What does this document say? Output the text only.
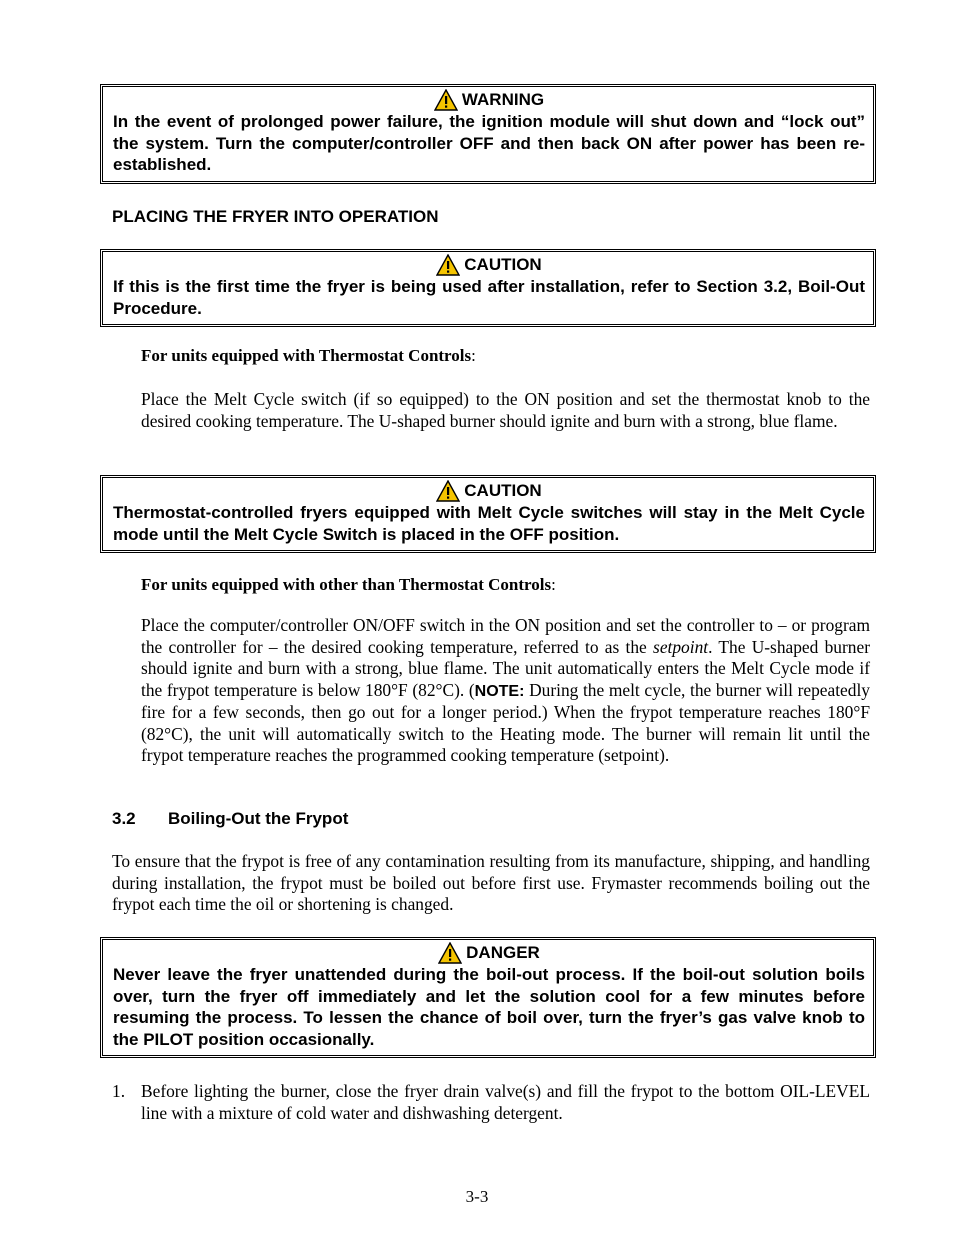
WARNING
In the event of prolonged power failure, the ignition module will shut down and “lock out” the system. Turn the computer/controller OFF and then back ON after power has been re-established.
PLACING THE FRYER INTO OPERATION
CAUTION
If this is the first time the fryer is being used after installation, refer to Section 3.2, Boil-Out Procedure.
For units equipped with Thermostat Controls:
Place the Melt Cycle switch (if so equipped) to the ON position and set the thermostat knob to the desired cooking temperature. The U-shaped burner should ignite and burn with a strong, blue flame.
CAUTION
Thermostat-controlled fryers equipped with Melt Cycle switches will stay in the Melt Cycle mode until the Melt Cycle Switch is placed in the OFF position.
For units equipped with other than Thermostat Controls:
Place the computer/controller ON/OFF switch in the ON position and set the controller to – or program the controller for – the desired cooking temperature, referred to as the setpoint. The U-shaped burner should ignite and burn with a strong, blue flame. The unit automatically enters the Melt Cycle mode if the frypot temperature is below 180°F (82°C). (NOTE: During the melt cycle, the burner will repeatedly fire for a few seconds, then go out for a longer period.) When the frypot temperature reaches 180°F (82°C), the unit will automatically switch to the Heating mode. The burner will remain lit until the frypot temperature reaches the programmed cooking temperature (setpoint).
3.2 Boiling-Out the Frypot
To ensure that the frypot is free of any contamination resulting from its manufacture, shipping, and handling during installation, the frypot must be boiled out before first use. Frymaster recommends boiling out the frypot each time the oil or shortening is changed.
DANGER
Never leave the fryer unattended during the boil-out process. If the boil-out solution boils over, turn the fryer off immediately and let the solution cool for a few minutes before resuming the process. To lessen the chance of boil over, turn the fryer’s gas valve knob to the PILOT position occasionally.
1. Before lighting the burner, close the fryer drain valve(s) and fill the frypot to the bottom OIL-LEVEL line with a mixture of cold water and dishwashing detergent.
3-3
